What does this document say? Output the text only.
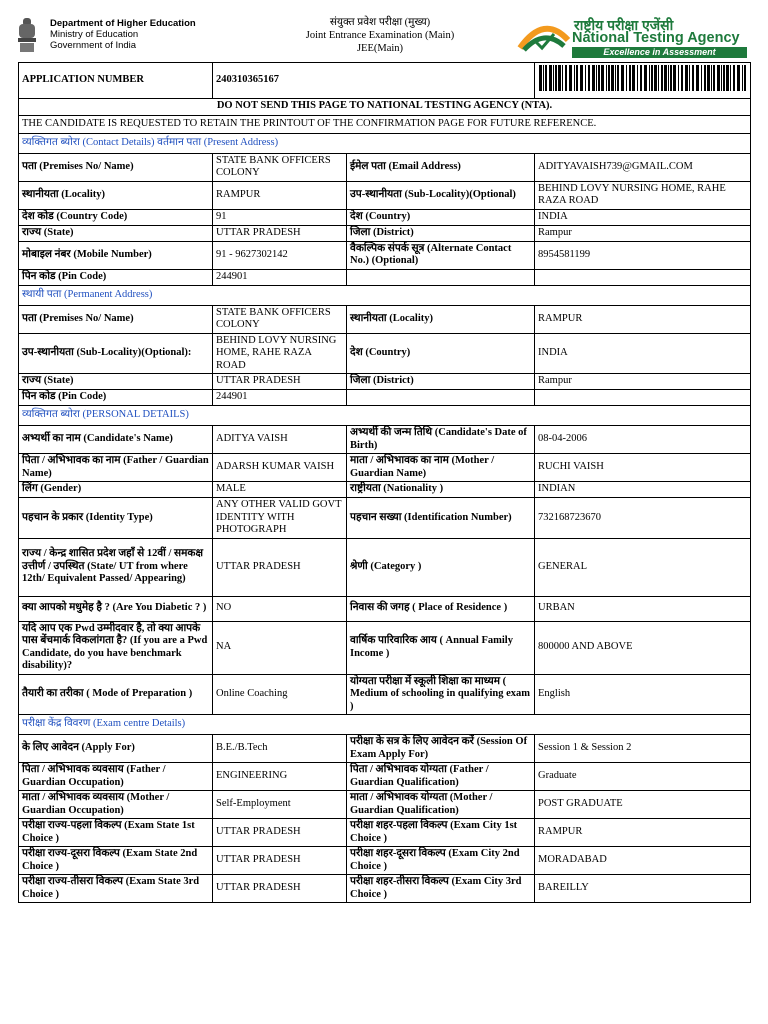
Department of Higher Education
Ministry of Education
Government of India
संयुक्त प्रवेश परीक्षा (मुख्य)
Joint Entrance Examination (Main)
JEE(Main)
राष्ट्रीय परीक्षा एजेंसी
National Testing Agency
Excellence in Assessment
APPLICATION NUMBER	240310365167	
DO NOT SEND THIS PAGE TO NATIONAL TESTING AGENCY (NTA).			
THE CANDIDATE IS REQUESTED TO RETAIN THE PRINTOUT OF THE CONFIRMATION PAGE FOR FUTURE REFERENCE.			
व्यक्तिगत ब्योरा (Contact Details) वर्तमान पता (Present Address)			
पता (Premises No/ Name)	STATE BANK OFFICERS COLONY	ईमेल पता (Email Address)	ADITYAVAISH739@GMAIL.COM
स्थानीयता (Locality)	RAMPUR	उप-स्थानीयता (Sub-Locality)(Optional)	BEHIND LOVY NURSING HOME, RAHE RAZA ROAD
देश कोड (Country Code)	91	देश (Country)	INDIA
राज्य (State)	UTTAR PRADESH	जिला (District)	Rampur
मोबाइल नंबर (Mobile Number)	91 - 9627302142	वैकल्पिक संपर्क सूत्र (Alternate Contact No.) (Optional)	8954581199
पिन कोड (Pin Code)	244901		
स्थायी पता (Permanent Address)			
पता (Premises No/ Name)	STATE BANK OFFICERS COLONY	स्थानीयता (Locality)	RAMPUR
उप-स्थानीयता (Sub-Locality)(Optional):	BEHIND LOVY NURSING HOME, RAHE RAZA ROAD	देश (Country)	INDIA
राज्य (State)	UTTAR PRADESH	जिला (District)	Rampur
पिन कोड (Pin Code)	244901		
व्यक्तिगत ब्योरा (PERSONAL DETAILS)			
अभ्यर्थी का नाम (Candidate's Name)	ADITYA VAISH	अभ्यर्थी की जन्म तिथि (Candidate's Date of Birth)	08-04-2006
पिता / अभिभावक का नाम (Father / Guardian Name)	ADARSH KUMAR VAISH	माता / अभिभावक का नाम (Mother / Guardian Name)	RUCHI VAISH
लिंग (Gender)	MALE	राष्ट्रीयता (Nationality )	INDIAN
पहचान के प्रकार (Identity Type)	ANY OTHER VALID GOVT IDENTITY WITH PHOTOGRAPH	पहचान सख्या (Identification Number)	732168723670
राज्य / केन्द्र शासित प्रदेश जहाँ से 12वीं / समकक्ष उत्तीर्ण / उपस्थित (State/ UT from where 12th/ Equivalent Passed/ Appearing)	UTTAR PRADESH	श्रेणी (Category )	GENERAL
क्या आपको मधुमेह है ? (Are You Diabetic ? )	NO	निवास की जगह ( Place of Residence )	URBAN
यदि आप एक Pwd उम्मीदवार है, तो क्या आपके पास बेंचमार्क विकलांगता है? (If you are a Pwd Candidate, do you have benchmark disability)?	NA	वार्षिक पारिवारिक आय ( Annual Family Income )	800000 AND ABOVE
तैयारी का तरीका ( Mode of Preparation )	Online Coaching	योग्यता परीक्षा में स्कूली शिक्षा का माध्यम ( Medium of schooling in qualifying exam )	English
परीक्षा केंद्र विवरण (Exam centre Details)			
के लिए आवेदन (Apply For)	B.E./B.Tech	परीक्षा के सत्र के लिए आवेदन करें (Session Of Exam Apply For)	Session 1 & Session 2
पिता / अभिभावक व्यवसाय (Father / Guardian Occupation)	ENGINEERING	पिता / अभिभावक योग्यता (Father / Guardian Qualification)	Graduate
माता / अभिभावक व्यवसाय (Mother / Guardian Occupation)	Self-Employment	माता / अभिभावक योग्यता (Mother / Guardian Qualification)	POST GRADUATE
परीक्षा राज्य-पहला विकल्प (Exam State 1st Choice )	UTTAR PRADESH	परीक्षा शहर-पहला विकल्प (Exam City 1st Choice )	RAMPUR
परीक्षा राज्य-दूसरा विकल्प (Exam State 2nd Choice )	UTTAR PRADESH	परीक्षा शहर-दूसरा विकल्प (Exam City 2nd Choice )	MORADABAD
परीक्षा राज्य-तीसरा विकल्प (Exam State 3rd Choice )	UTTAR PRADESH	परीक्षा शहर-तीसरा विकल्प (Exam City 3rd Choice )	BAREILLY
